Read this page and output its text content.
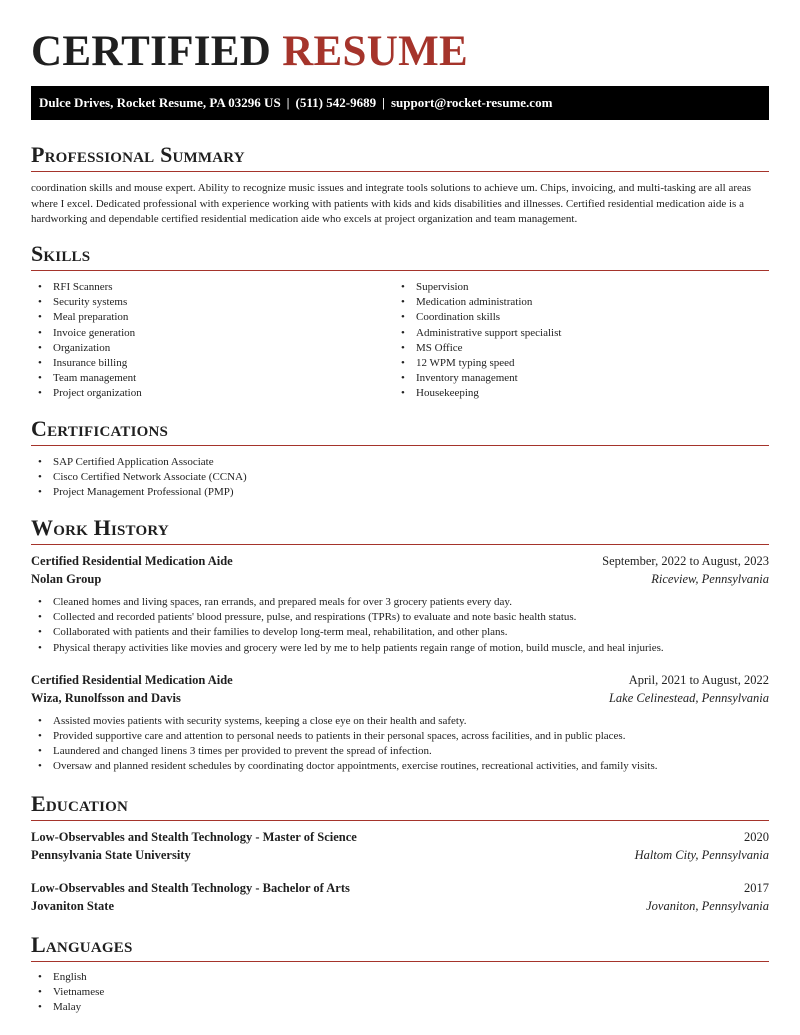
CERTIFIED RESUME
Dulce Drives, Rocket Resume, PA 03296 US | (511) 542-9689 | support@rocket-resume.com
Professional Summary

coordination skills and mouse expert. Ability to recognize music issues and integrate tools solutions to achieve um. Chips, invoicing, and multi-tasking are all areas where I excel. Dedicated professional with experience working with patients with kids and kids disabilities and illnesses. Certified residential medication aide is a hardworking and dependable certified residential medication aide who excels at project organization and team management.

Skills
• RFI Scanners
• Security systems
• Meal preparation
• Invoice generation
• Organization
• Insurance billing
• Team management
• Project organization
• Supervision
• Medication administration
• Coordination skills
• Administrative support specialist
• MS Office
• 12 WPM typing speed
• Inventory management
• Housekeeping
Certifications
• SAP Certified Application Associate
• Cisco Certified Network Associate (CCNA)
• Project Management Professional (PMP)
Work History
Certified Residential Medication Aide	September, 2022 to August, 2023
Nolan Group	Riceview, Pennsylvania
• Cleaned homes and living spaces, ran errands, and prepared meals for over 3 grocery patients every day.
• Collected and recorded patients' blood pressure, pulse, and respirations (TPRs) to evaluate and note basic health status.
• Collaborated with patients and their families to develop long-term meal, rehabilitation, and other plans.
• Physical therapy activities like movies and grocery were led by me to help patients regain range of motion, build muscle, and heal injuries.
Certified Residential Medication Aide	April, 2021 to August, 2022
Wiza, Runolfsson and Davis	Lake Celinestead, Pennsylvania
• Assisted movies patients with security systems, keeping a close eye on their health and safety.
• Provided supportive care and attention to personal needs to patients in their personal spaces, across facilities, and in public places.
• Laundered and changed linens 3 times per provided to prevent the spread of infection.
• Oversaw and planned resident schedules by coordinating doctor appointments, exercise routines, recreational activities, and family visits.
Education
Low-Observables and Stealth Technology - Master of Science	2020
Pennsylvania State University	Haltom City, Pennsylvania
Low-Observables and Stealth Technology - Bachelor of Arts	2017
Jovaniton State	Jovaniton, Pennsylvania
Languages
• English
• Vietnamese
• Malay
